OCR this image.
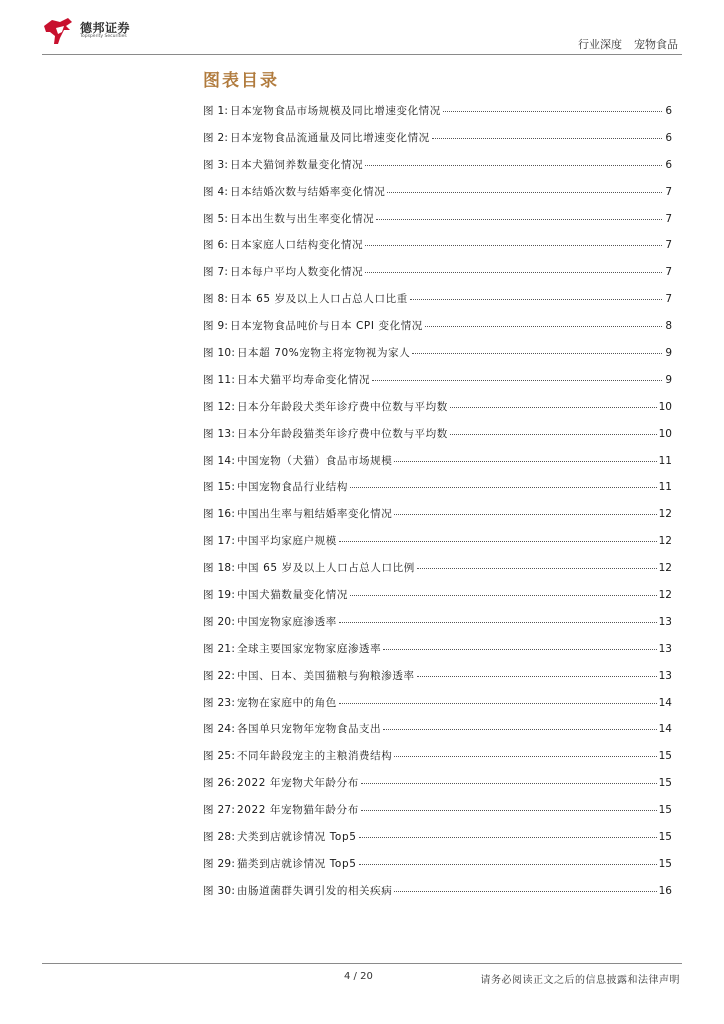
德邦证券
Topsperity Securities
行业深度 宠物食品
图表目录
图 1 : 日本宠物食品市场规模及同比增速变化情况	6
图 2 : 日本宠物食品流通量及同比增速变化情况	6
图 3 : 日本犬猫饲养数量变化情况	6
图 4 : 日本结婚次数与结婚率变化情况	7
图 5 : 日本出生数与出生率变化情况	7
图 6 : 日本家庭人口结构变化情况	7
图 7 : 日本每户平均人数变化情况	7
图 8 : 日本 65 岁及以上人口占总人口比重	7
图 9 : 日本宠物食品吨价与日本 CPI 变化情况	8
图 10 : 日本超 70%宠物主将宠物视为家人	9
图 11 : 日本犬猫平均寿命变化情况	9
图 12 : 日本分年龄段犬类年诊疗费中位数与平均数	10
图 13 : 日本分年龄段猫类年诊疗费中位数与平均数	10
图 14 : 中国宠物（犬猫）食品市场规模	11
图 15 : 中国宠物食品行业结构	11
图 16 : 中国出生率与粗结婚率变化情况	12
图 17 : 中国平均家庭户规模	12
图 18 : 中国 65 岁及以上人口占总人口比例	12
图 19 : 中国犬猫数量变化情况	12
图 20 : 中国宠物家庭渗透率	13
图 21 : 全球主要国家宠物家庭渗透率	13
图 22 : 中国、日本、美国猫粮与狗粮渗透率	13
图 23 : 宠物在家庭中的角色	14
图 24 : 各国单只宠物年宠物食品支出	14
图 25 : 不同年龄段宠主的主粮消费结构	15
图 26 : 2022 年宠物犬年龄分布	15
图 27 : 2022 年宠物猫年龄分布	15
图 28 : 犬类到店就诊情况 Top5	15
图 29 : 猫类到店就诊情况 Top5	15
图 30 : 由肠道菌群失调引发的相关疾病	16
4 / 20	请务必阅读正文之后的信息披露和法律声明
